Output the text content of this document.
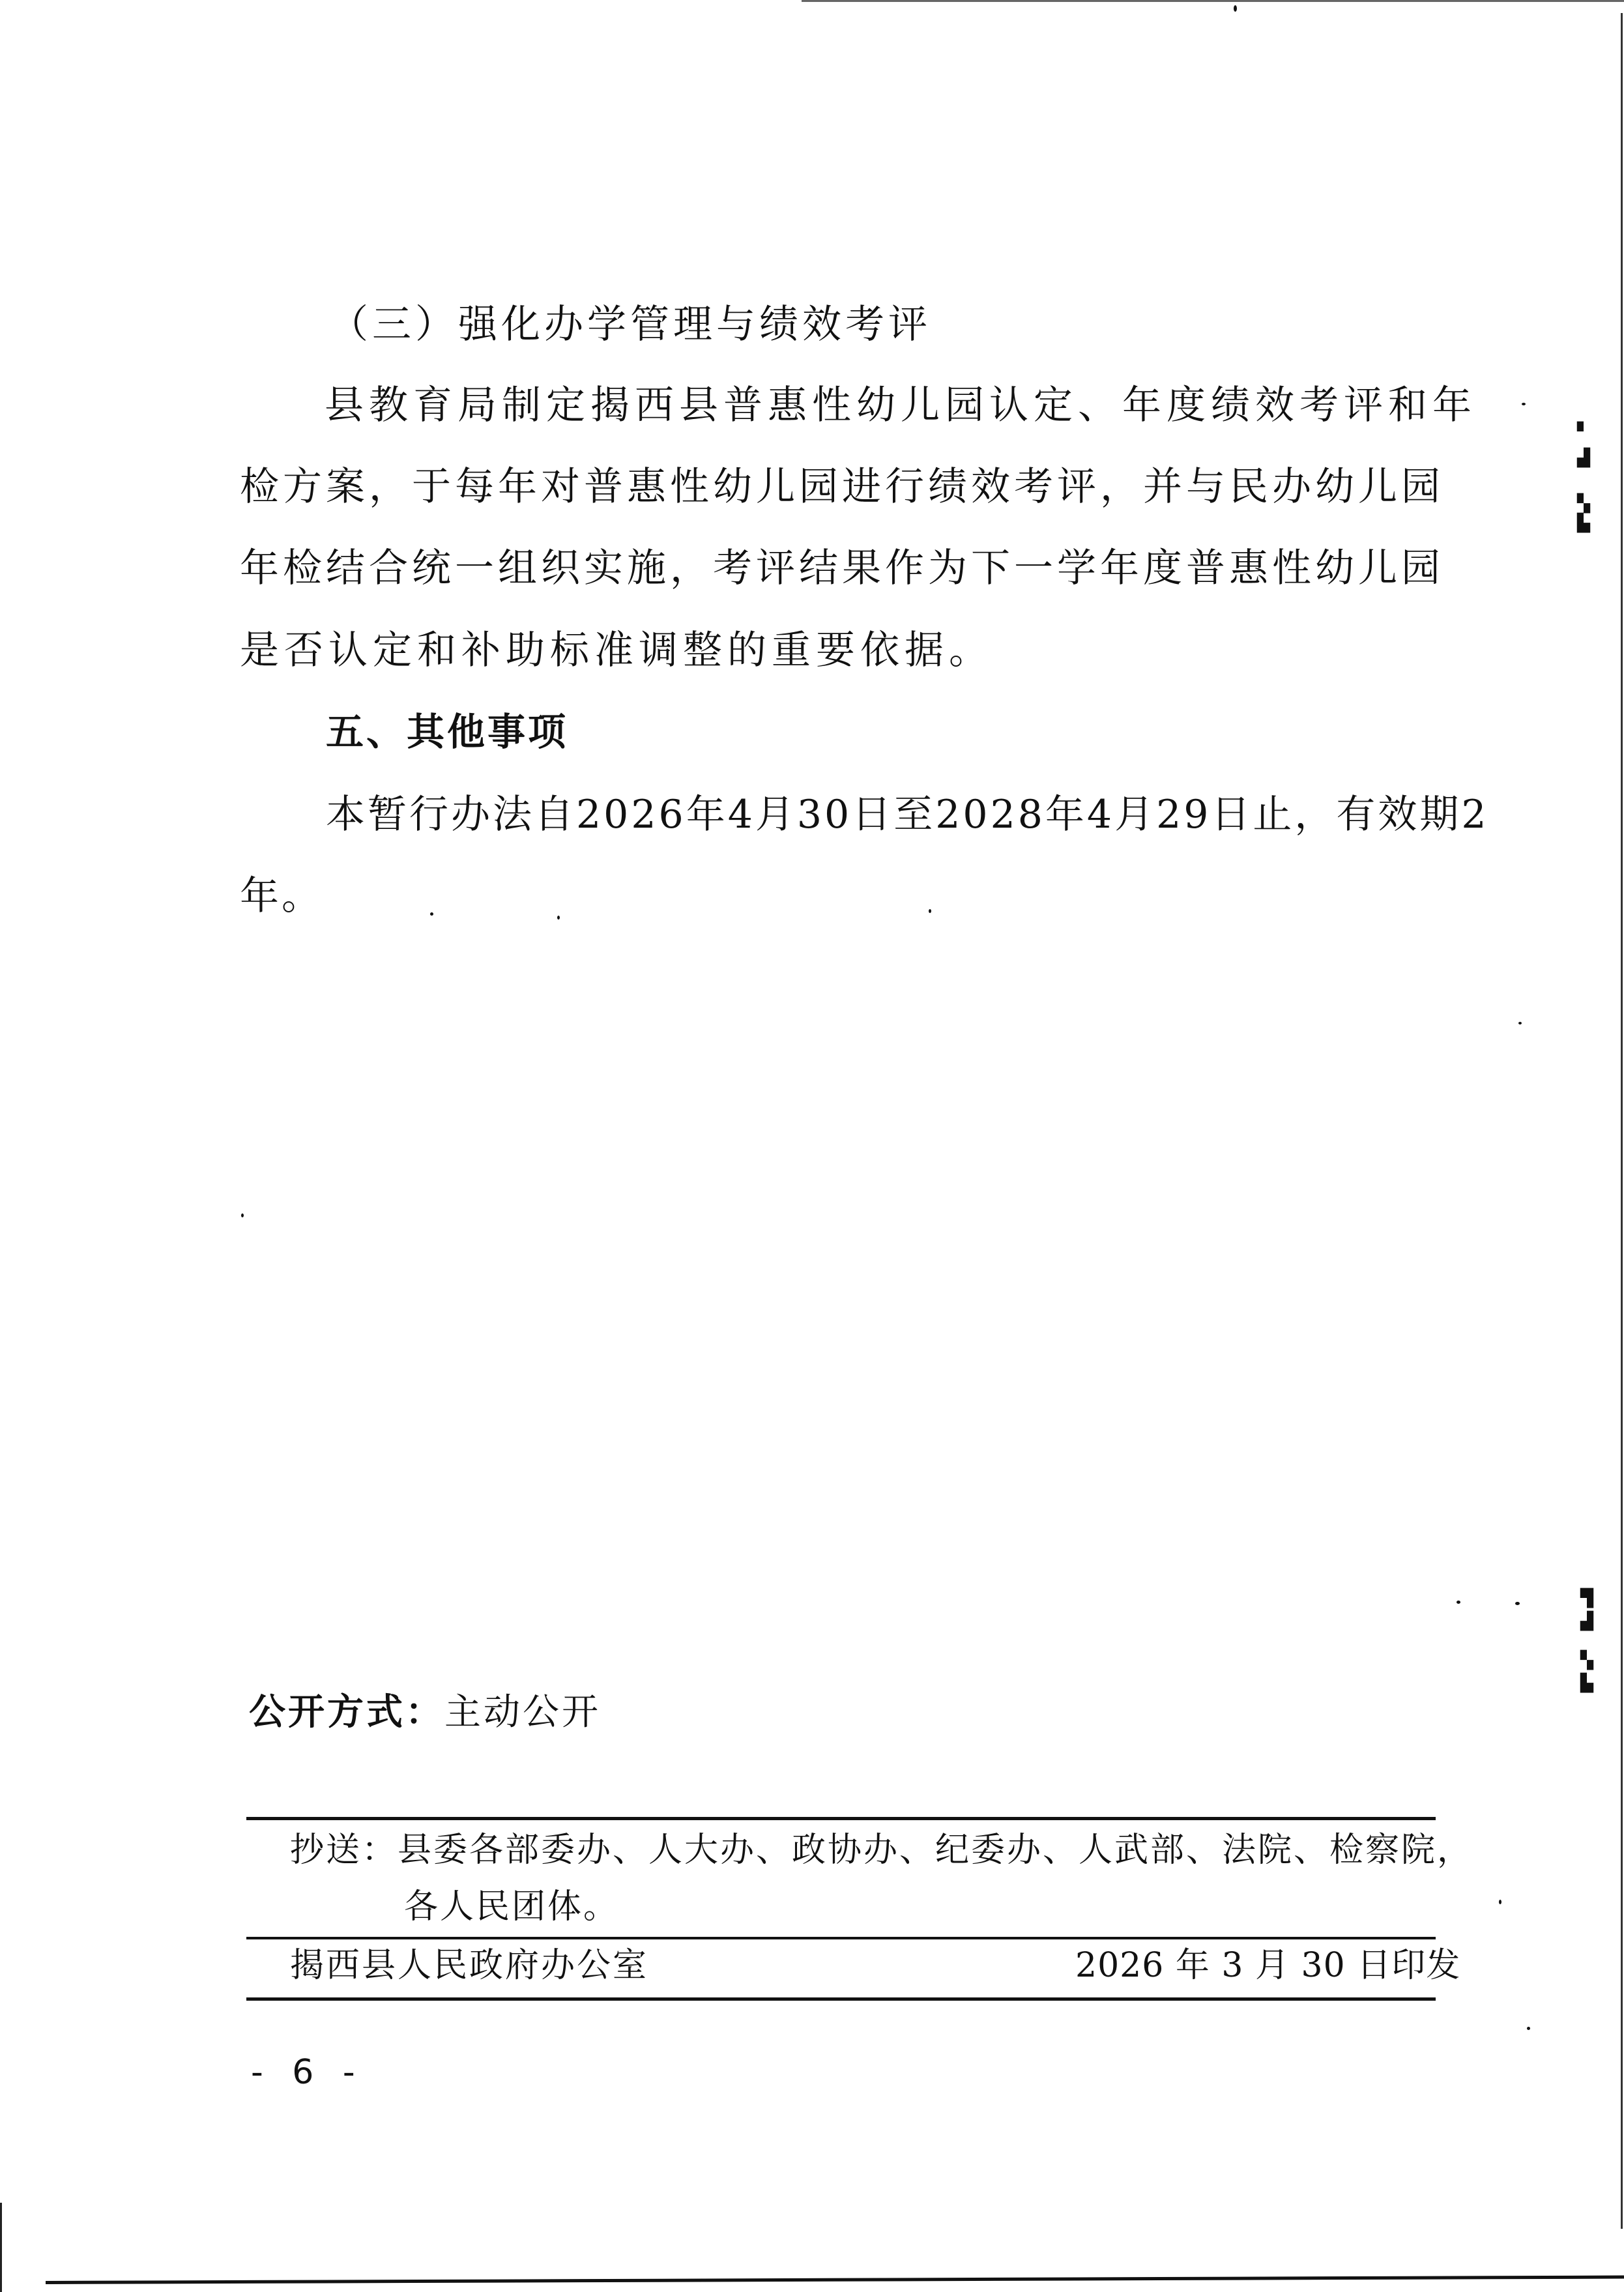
▘
▟
▚
▙
▜
▟
▚
▙
（三）强化办学管理与绩效考评
县教育局制定揭西县普惠性幼儿园认定、年度绩效考评和年
检方案，于每年对普惠性幼儿园进行绩效考评，并与民办幼儿园
年检结合统一组织实施，考评结果作为下一学年度普惠性幼儿园
是否认定和补助标准调整的重要依据。
五、其他事项
本暂行办法自2026年4月30日至2028年4月29日止，有效期2
年。
公开方式：主动公开
抄送：县委各部委办、人大办、政协办、纪委办、人武部、法院、检察院，
各人民团体。
揭西县人民政府办公室	2026 年 3 月 30 日印发
- 6 -
